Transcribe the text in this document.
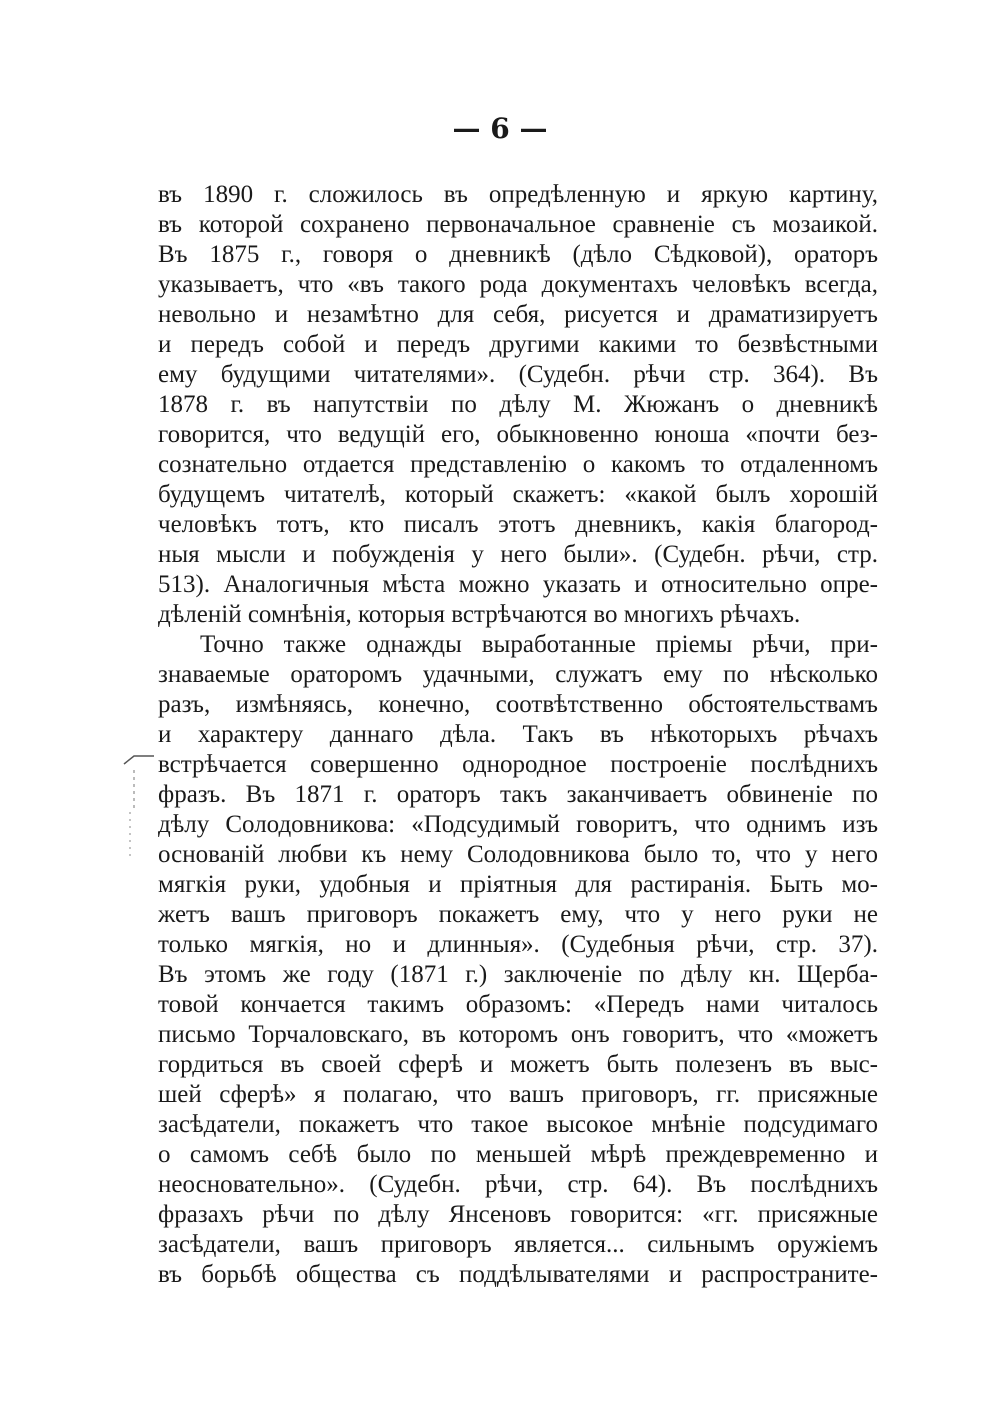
— 6 —
въ 1890 г. сложилось въ опредѣленную и яркую картину,
въ которой сохранено первоначальное сравненіе съ мозаикой.
Въ 1875 г., говоря о дневникѣ (дѣло Сѣдковой), ораторъ
указываетъ, что «въ такого рода документахъ человѣкъ всегда,
невольно и незамѣтно для себя, рисуется и драматизируетъ
и передъ собой и передъ другими какими то безвѣстными
ему будущими читателями». (Судебн. рѣчи стр. 364). Въ
1878 г. въ напутствіи по дѣлу М. Жюжанъ о дневникѣ
говорится, что ведущій его, обыкновенно юноша «почти без-
сознательно отдается представленію о какомъ то отдаленномъ
будущемъ читателѣ, который скажетъ: «какой былъ хорошій
человѣкъ тотъ, кто писалъ этотъ дневникъ, какія благород-
ныя мысли и побужденія у него были». (Судебн. рѣчи, стр.
513). Аналогичныя мѣста можно указать и относительно опре-
дѣленій сомнѣнія, которыя встрѣчаются во многихъ рѣчахъ.
Точно также однажды выработанные пріемы рѣчи, при-
знаваемые ораторомъ удачными, служатъ ему по нѣсколько
разъ, измѣняясь, конечно, соотвѣтственно обстоятельствамъ
и характеру даннаго дѣла. Такъ въ нѣкоторыхъ рѣчахъ
встрѣчается совершенно однородное построеніе послѣднихъ
фразъ. Въ 1871 г. ораторъ такъ заканчиваетъ обвиненіе по
дѣлу Солодовникова: «Подсудимый говоритъ, что однимъ изъ
основаній любви къ нему Солодовникова было то, что у него
мягкія руки, удобныя и пріятныя для растиранія. Быть мо-
жетъ вашъ приговоръ покажетъ ему, что у него руки не
только мягкія, но и длинныя». (Судебныя рѣчи, стр. 37).
Въ этомъ же году (1871 г.) заключеніе по дѣлу кн. Щерба-
товой кончается такимъ образомъ: «Передъ нами читалось
письмо Торчаловскаго, въ которомъ онъ говоритъ, что «можетъ
гордиться въ своей сферѣ и можетъ быть полезенъ въ выс-
шей сферѣ» я полагаю, что вашъ приговоръ, гг. присяжные
засѣдатели, покажетъ что такое высокое мнѣніе подсудимаго
о самомъ себѣ было по меньшей мѣрѣ преждевременно и
неосновательно». (Судебн. рѣчи, стр. 64). Въ послѣднихъ
фразахъ рѣчи по дѣлу Янсеновъ говорится: «гг. присяжные
засѣдатели, вашъ приговоръ является... сильнымъ оружіемъ
въ борьбѣ общества съ поддѣлывателями и распространите-
